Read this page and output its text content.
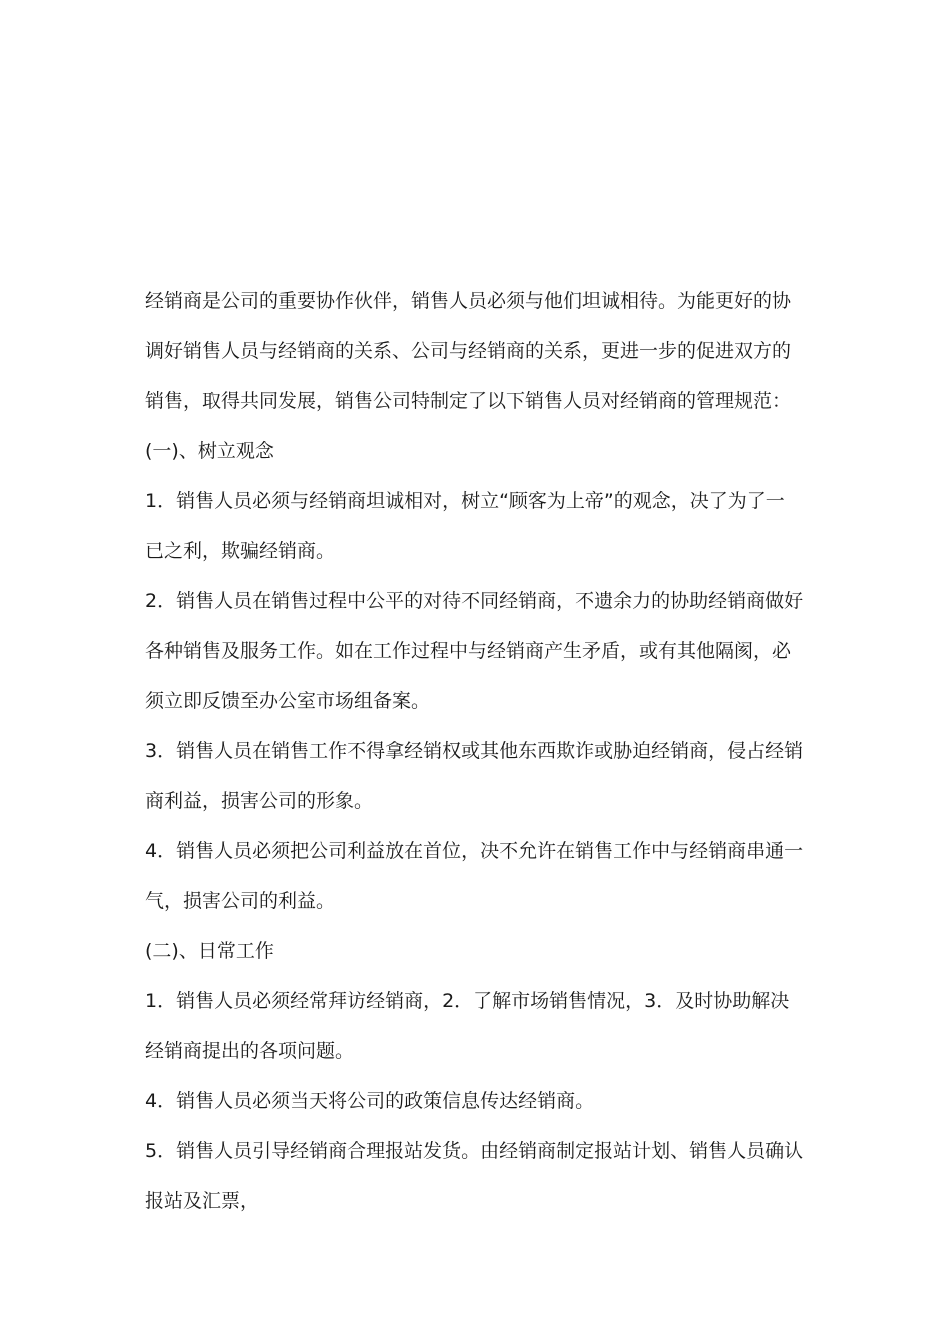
经销商是公司的重要协作伙伴，销售人员必须与他们坦诚相待。为能更好的协
调好销售人员与经销商的关系、公司与经销商的关系，更进一步的促进双方的
销售，取得共同发展，销售公司特制定了以下销售人员对经销商的管理规范：
(一)、树立观念
1．销售人员必须与经销商坦诚相对，树立“顾客为上帝”的观念，决了为了一
已之利，欺骗经销商。
2．销售人员在销售过程中公平的对待不同经销商，不遗余力的协助经销商做好
各种销售及服务工作。如在工作过程中与经销商产生矛盾，或有其他隔阂，必
须立即反馈至办公室市场组备案。
3．销售人员在销售工作不得拿经销权或其他东西欺诈或胁迫经销商，侵占经销
商利益，损害公司的形象。
4．销售人员必须把公司利益放在首位，决不允许在销售工作中与经销商串通一
气，损害公司的利益。
(二)、日常工作
1．销售人员必须经常拜访经销商，2．了解市场销售情况，3．及时协助解决
经销商提出的各项问题。
4．销售人员必须当天将公司的政策信息传达经销商。
5．销售人员引导经销商合理报站发货。由经销商制定报站计划、销售人员确认
报站及汇票，
